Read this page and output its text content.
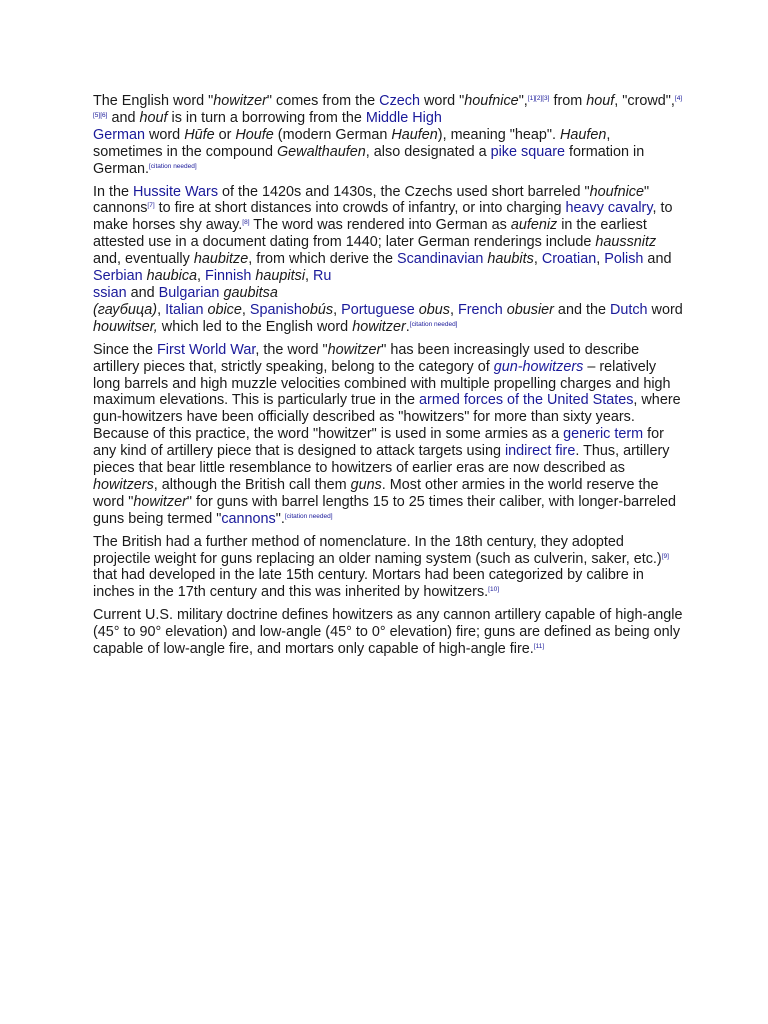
The English word "howitzer" comes from the Czech word "houfnice",[1][2][3] from houf, "crowd",[4][5][6] and houf is in turn a borrowing from the Middle High
German word Hūfe or Houfe (modern German Haufen), meaning "heap". Haufen, sometimes in the compound Gewalthaufen, also designated a pike square formation in German.[citation needed]

In the Hussite Wars of the 1420s and 1430s, the Czechs used short barreled "houfnice" cannons[7] to fire at short distances into crowds of infantry, or into charging heavy cavalry, to make horses shy away.[8] The word was rendered into German as aufeniz in the earliest attested use in a document dating from 1440; later German renderings include haussnitz and, eventually haubitze, from which derive the Scandinavian haubits, Croatian, Polish and Serbian haubica, Finnish haupitsi, Ru
ssian and Bulgarian gaubitsa
(гаубица), Italian obice, Spanishobús, Portuguese obus, French obusier and the Dutch word houwitser, which led to the English word howitzer.[citation needed]

Since the First World War, the word "howitzer" has been increasingly used to describe artillery pieces that, strictly speaking, belong to the category of gun-howitzers – relatively long barrels and high muzzle velocities combined with multiple propelling charges and high maximum elevations. This is particularly true in the armed forces of the United States, where gun-howitzers have been officially described as "howitzers" for more than sixty years. Because of this practice, the word "howitzer" is used in some armies as a generic term for any kind of artillery piece that is designed to attack targets using indirect fire. Thus, artillery pieces that bear little resemblance to howitzers of earlier eras are now described as howitzers, although the British call them guns. Most other armies in the world reserve the word "howitzer" for guns with barrel lengths 15 to 25 times their caliber, with longer-barreled guns being termed "cannons".[citation needed]

The British had a further method of nomenclature. In the 18th century, they adopted projectile weight for guns replacing an older naming system (such as culverin, saker, etc.)[9] that had developed in the late 15th century. Mortars had been categorized by calibre in inches in the 17th century and this was inherited by howitzers.[10]

Current U.S. military doctrine defines howitzers as any cannon artillery capable of high-angle (45° to 90° elevation) and low-angle (45° to 0° elevation) fire; guns are defined as being only capable of low-angle fire, and mortars only capable of high-angle fire.[11]
